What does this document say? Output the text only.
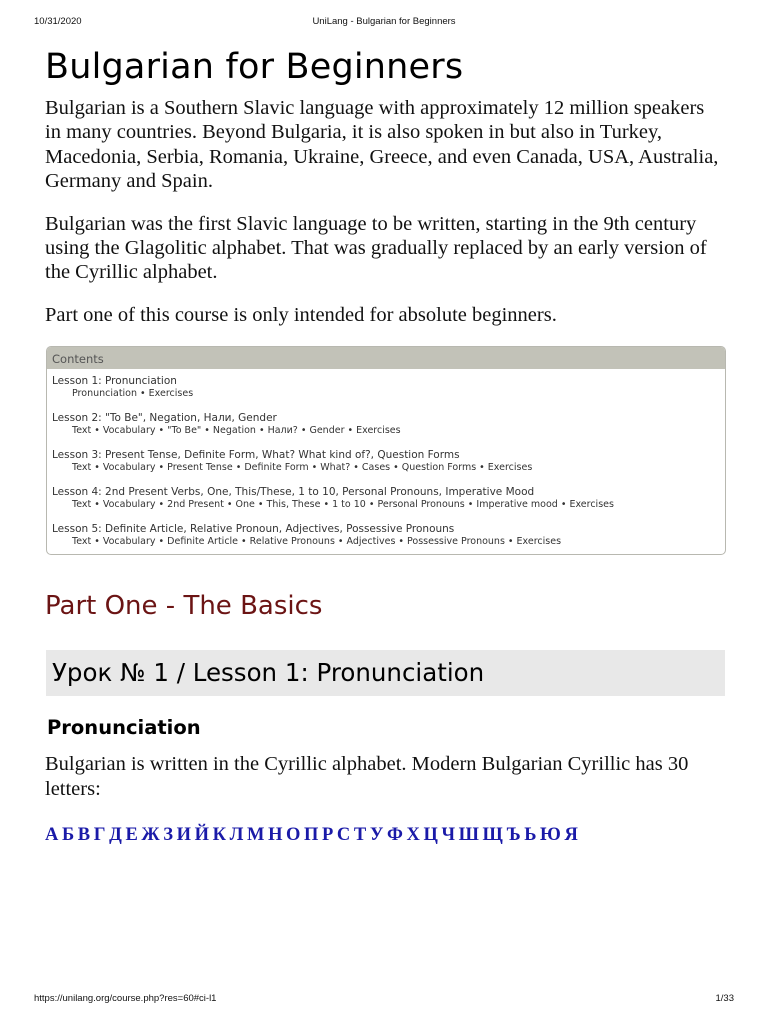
10/31/2020	UniLang - Bulgarian for Beginners
Bulgarian for Beginners

Bulgarian is a Southern Slavic language with approximately 12 million speakers in many countries. Beyond Bulgaria, it is also spoken in but also in Turkey, Macedonia, Serbia, Romania, Ukraine, Greece, and even Canada, USA, Australia, Germany and Spain.

Bulgarian was the first Slavic language to be written, starting in the 9th century using the Glagolitic alphabet. That was gradually replaced by an early version of the Cyrillic alphabet.

Part one of this course is only intended for absolute beginners.

Contents
Lesson 1: Pronunciation
Pronunciation • Exercises
Lesson 2: "To Be", Negation, Нали, Gender
Text • Vocabulary • "To Be" • Negation • Нали? • Gender • Exercises
Lesson 3: Present Tense, Definite Form, What? What kind of?, Question Forms
Text • Vocabulary • Present Tense • Definite Form • What? • Cases • Question Forms • Exercises
Lesson 4: 2nd Present Verbs, One, This/These, 1 to 10, Personal Pronouns, Imperative Mood
Text • Vocabulary • 2nd Present • One • This, These • 1 to 10 • Personal Pronouns • Imperative mood • Exercises
Lesson 5: Definite Article, Relative Pronoun, Adjectives, Possessive Pronouns
Text • Vocabulary • Definite Article • Relative Pronouns • Adjectives • Possessive Pronouns • Exercises
Part One - The Basics
Урок № 1 / Lesson 1: Pronunciation
Pronunciation

Bulgarian is written in the Cyrillic alphabet. Modern Bulgarian Cyrillic has 30 letters:

А Б В Г Д Е Ж З И Й К Л М Н О П Р С Т У Ф Х Ц Ч Ш Щ Ъ Ь Ю Я
https://unilang.org/course.php?res=60#ci-l1	1/33
